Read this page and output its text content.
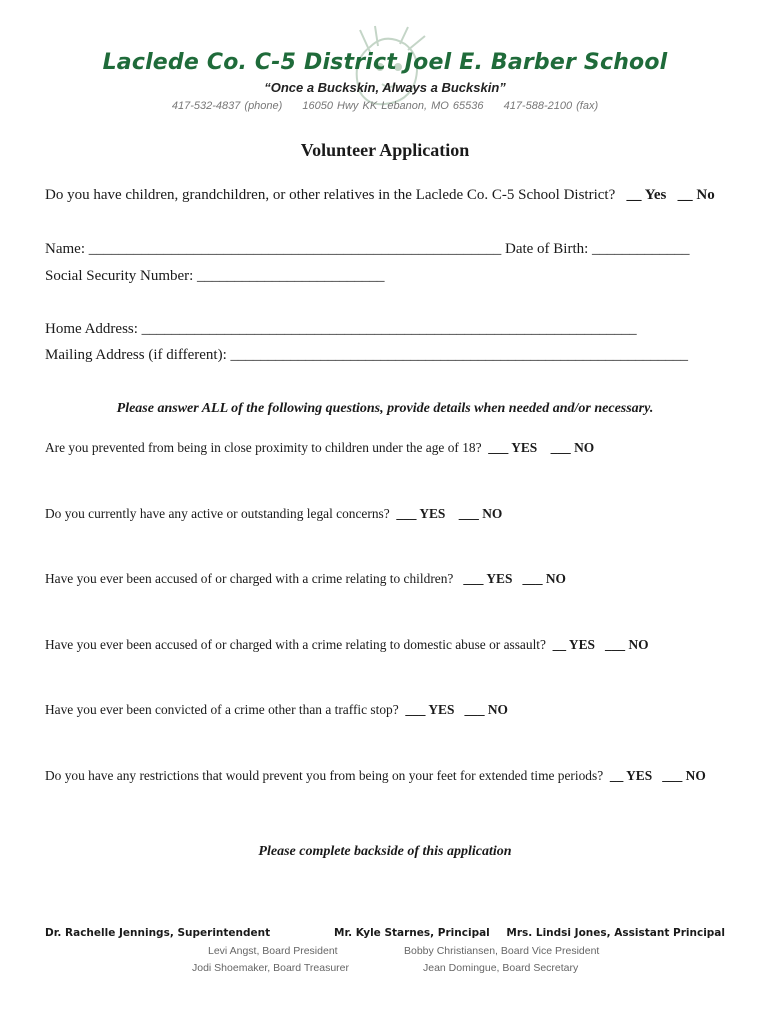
Laclede Co. C-5 District Joel E. Barber School
“Once a Buckskin, Always a Buckskin”
417-532-4837 (phone) 16050 Hwy KK Lebanon, MO 65536 417-588-2100 (fax)
Volunteer Application
Do you have children, grandchildren, or other relatives in the Laclede Co. C-5 School District? __ Yes __ No
Name: _______________________________________________________ Date of Birth: _____________
Social Security Number: _________________________
Home Address: __________________________________________________________________
Mailing Address (if different): _____________________________________________________________
Please answer ALL of the following questions, provide details when needed and/or necessary.
Are you prevented from being in close proximity to children under the age of 18? ___ YES ___ NO
Do you currently have any active or outstanding legal concerns? ___ YES ___ NO
Have you ever been accused of or charged with a crime relating to children? ___ YES ___ NO
Have you ever been accused of or charged with a crime relating to domestic abuse or assault? __ YES ___ NO
Have you ever been convicted of a crime other than a traffic stop? ___ YES ___ NO
Do you have any restrictions that would prevent you from being on your feet for extended time periods? __ YES ___ NO
Please complete backside of this application
Dr. Rachelle Jennings, Superintendent	Mr. Kyle Starnes, Principal Mrs. Lindsi Jones, Assistant Principal
Levi Angst, Board President	Bobby Christiansen, Board Vice President
Jodi Shoemaker, Board Treasurer	Jean Domingue, Board Secretary
